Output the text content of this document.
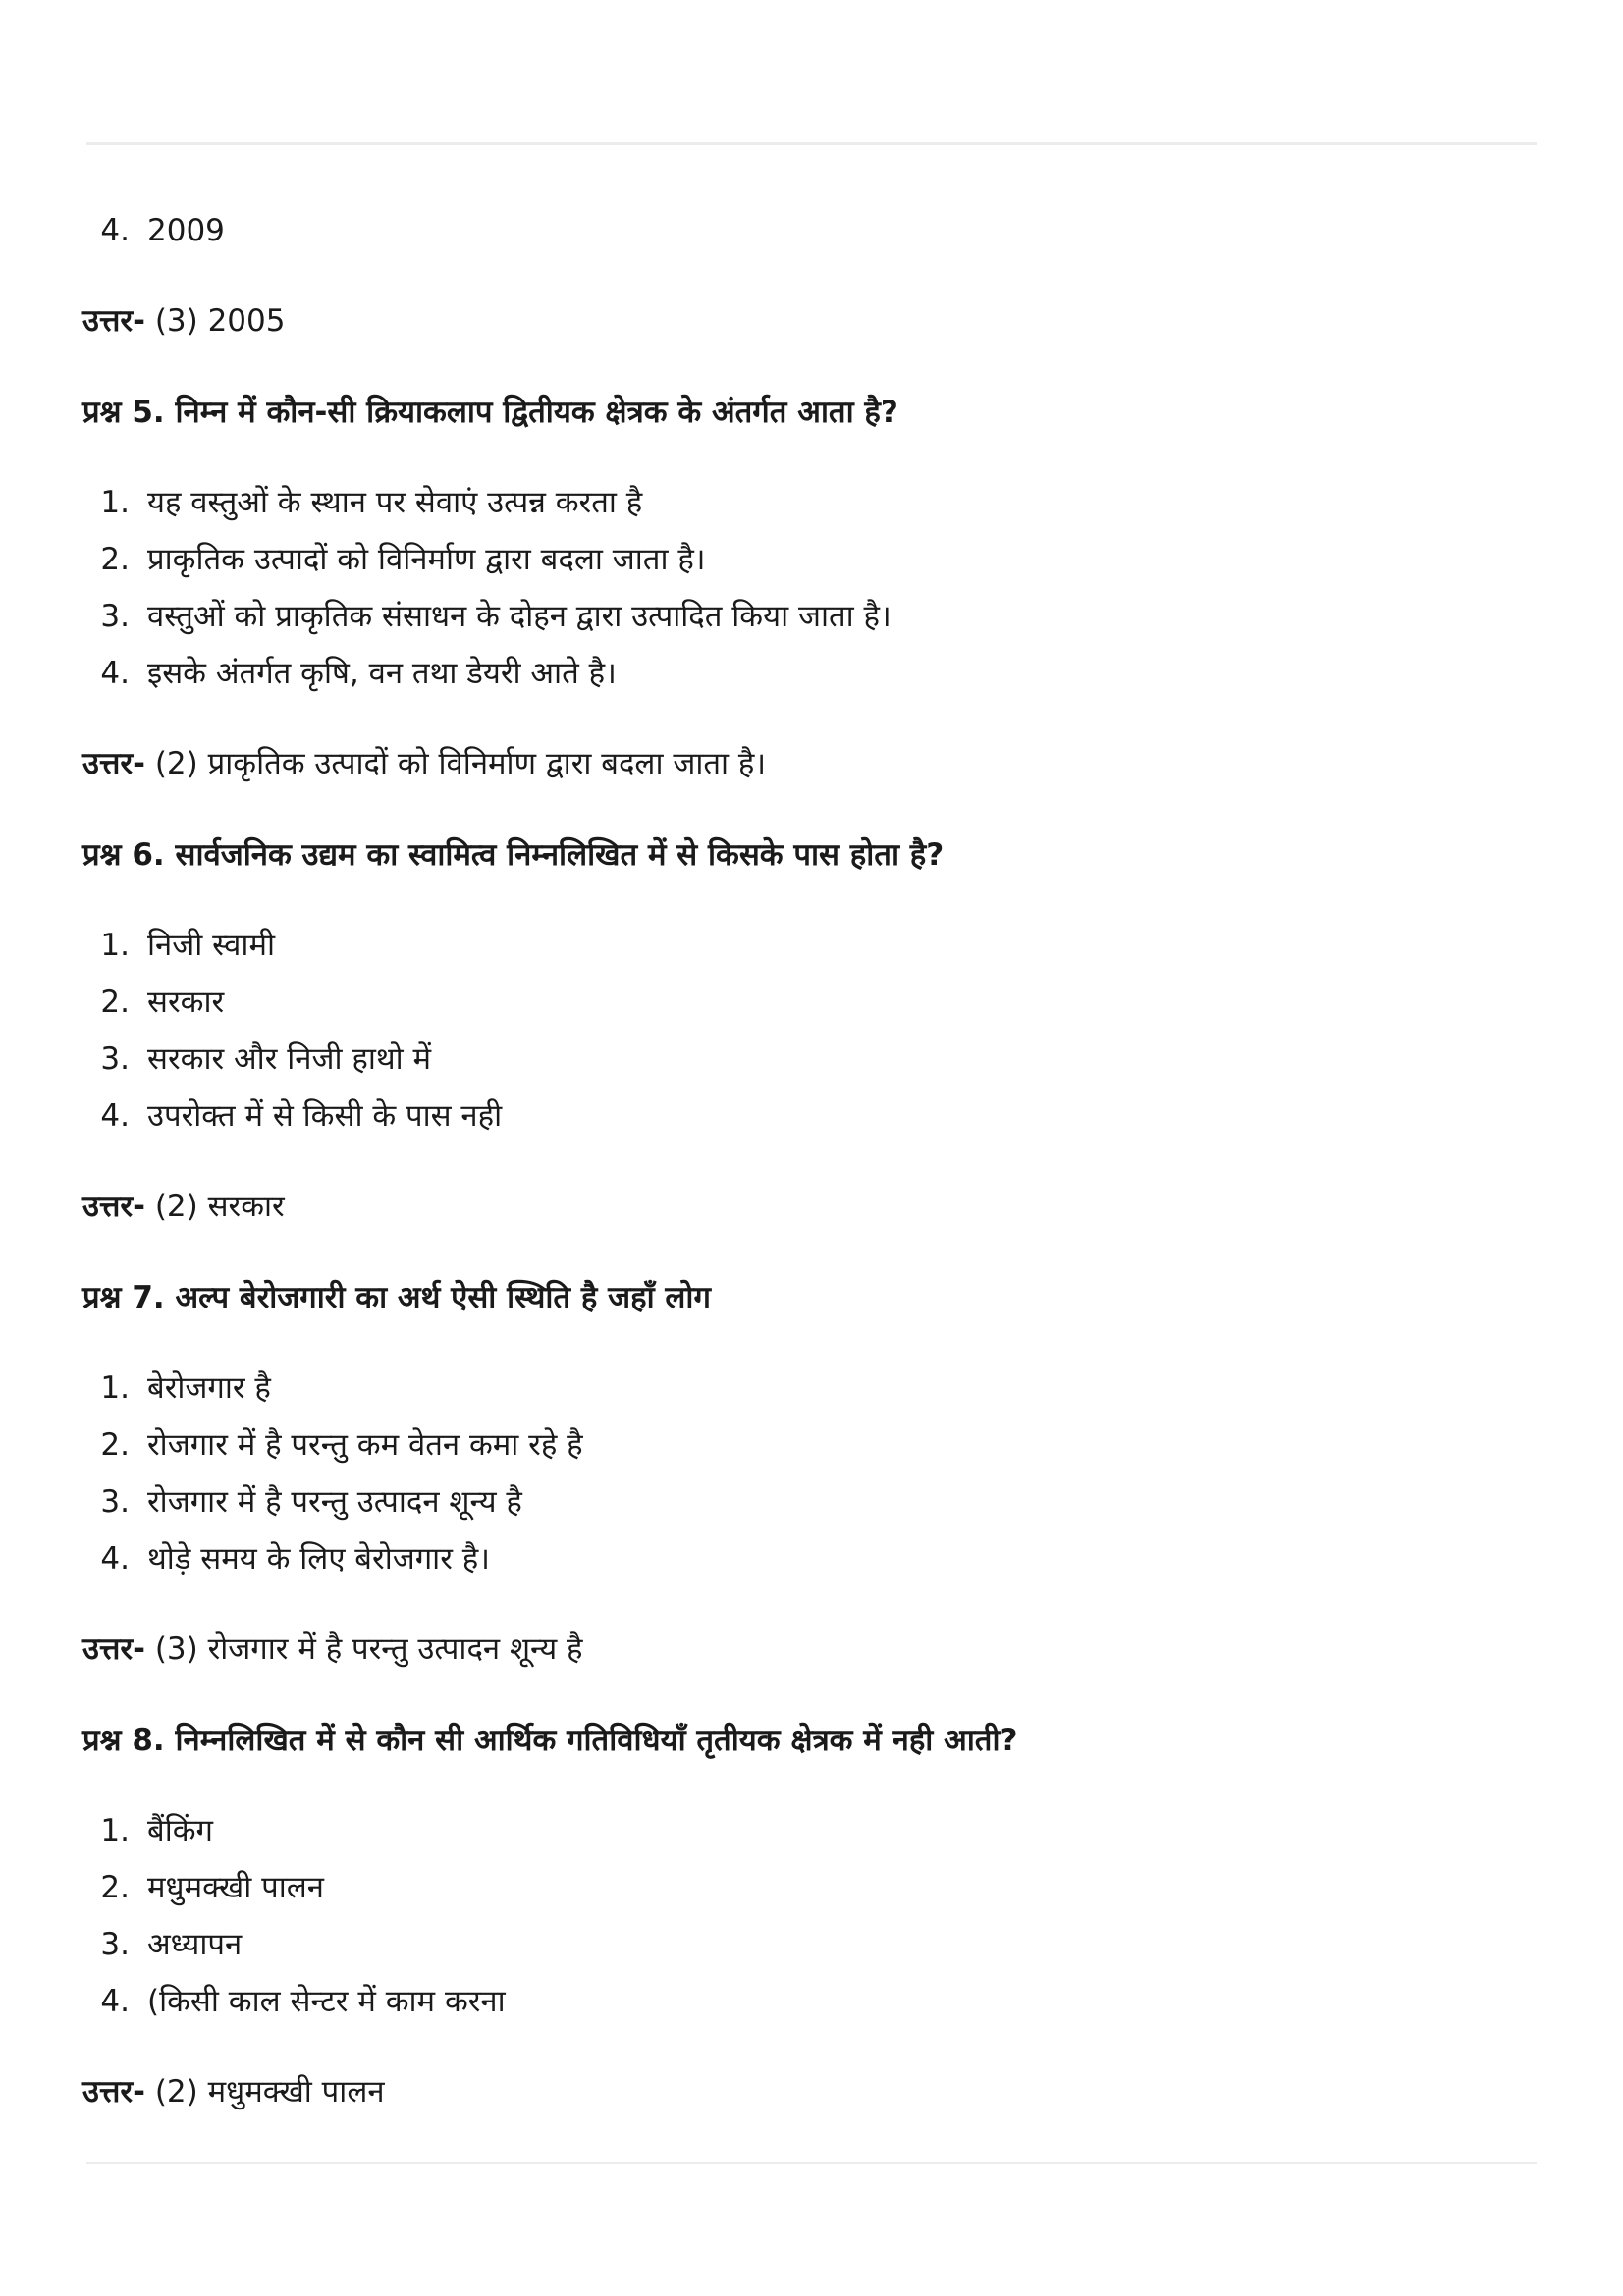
4. 2009
उत्तर- (3) 2005
प्रश्न 5. निम्न में कौन-सी क्रियाकलाप द्वितीयक क्षेत्रक के अंतर्गत आता है?
1. यह वस्तुओं के स्थान पर सेवाएं उत्पन्न करता है
2. प्राकृतिक उत्पादों को विनिर्माण द्वारा बदला जाता है।
3. वस्तुओं को प्राकृतिक संसाधन के दोहन द्वारा उत्पादित किया जाता है।
4. इसके अंतर्गत कृषि, वन तथा डेयरी आते है।
उत्तर- (2) प्राकृतिक उत्पादों को विनिर्माण द्वारा बदला जाता है।
प्रश्न 6. सार्वजनिक उद्यम का स्वामित्व निम्नलिखित में से किसके पास होता है?
1. निजी स्वामी
2. सरकार
3. सरकार और निजी हाथो में
4. उपरोक्त में से किसी के पास नही
उत्तर- (2) सरकार
प्रश्न 7. अल्प बेरोजगारी का अर्थ ऐसी स्थिति है जहाँ लोग
1. बेरोजगार है
2. रोजगार में है परन्तु कम वेतन कमा रहे है
3. रोजगार में है परन्तु उत्पादन शून्य है
4. थोड़े समय के लिए बेरोजगार है।
उत्तर- (3) रोजगार में है परन्तु उत्पादन शून्य है
प्रश्न 8. निम्नलिखित में से कौन सी आर्थिक गतिविधियाँ तृतीयक क्षेत्रक में नही आती?
1. बैंकिंग
2. मधुमक्खी पालन
3. अध्यापन
4. (किसी काल सेन्टर में काम करना
उत्तर- (2) मधुमक्खी पालन
